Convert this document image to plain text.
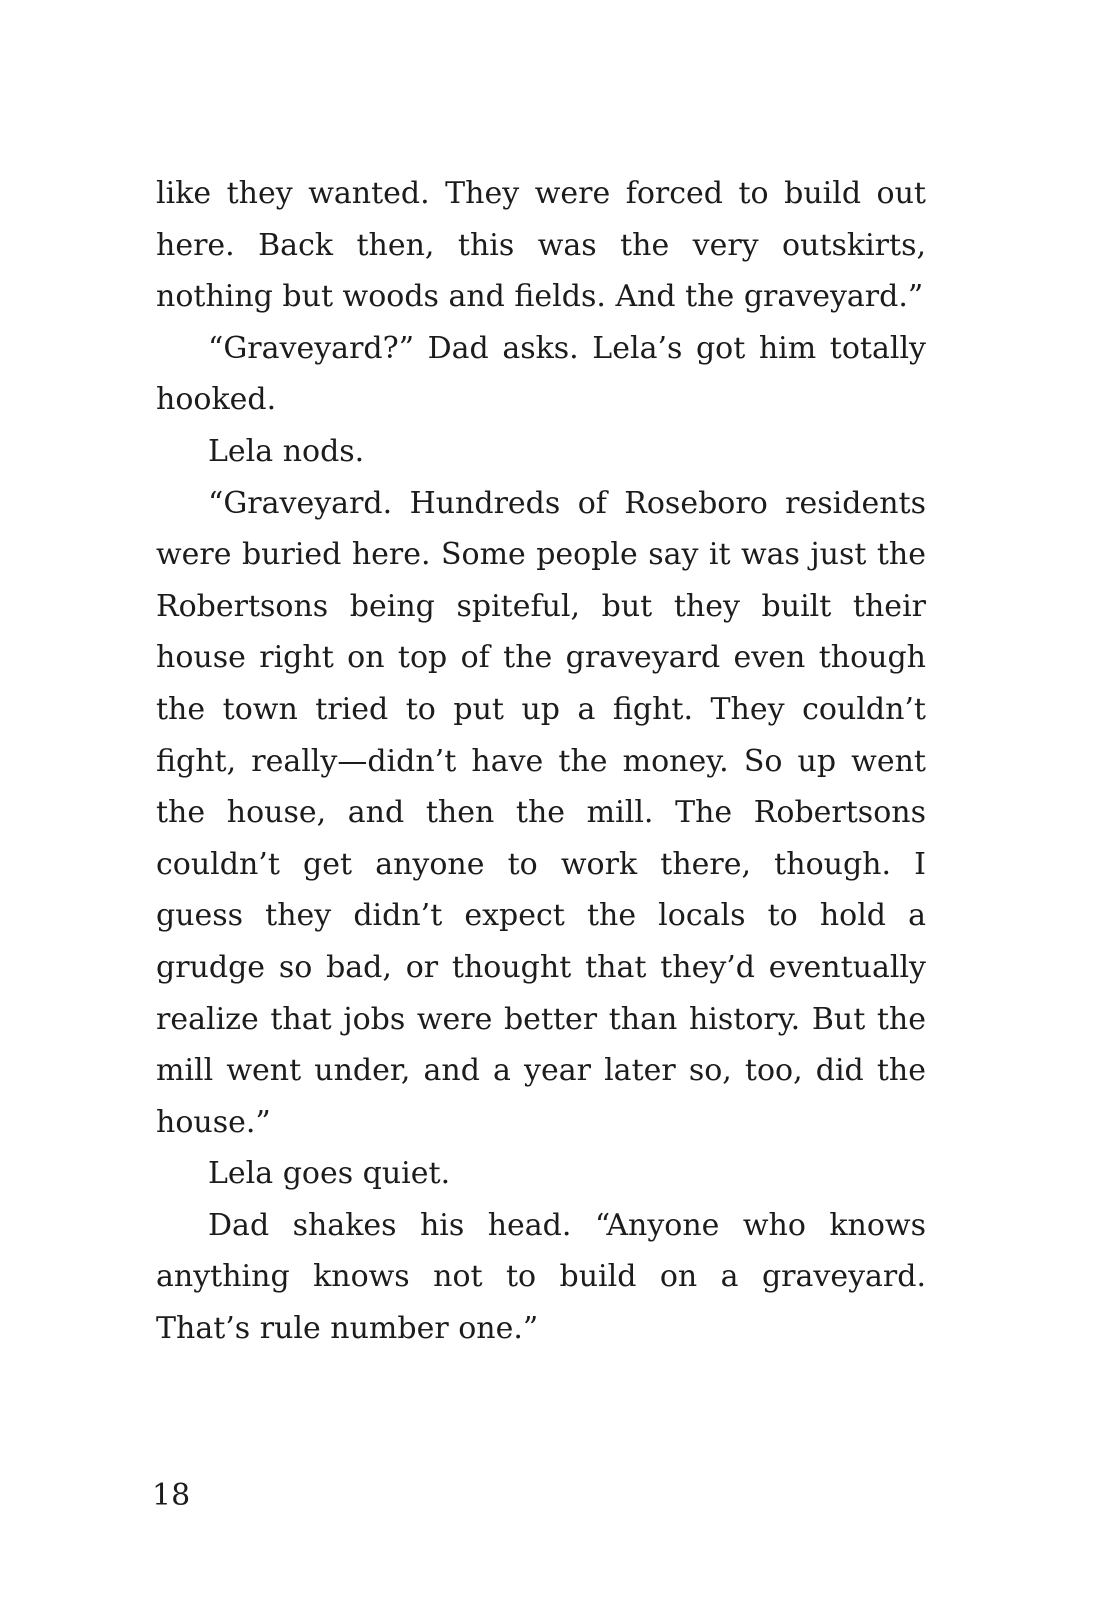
like they wanted. They were forced to build out here. Back then, this was the very outskirts, nothing but woods and fields. And the graveyard.”

“Graveyard?” Dad asks. Lela’s got him totally hooked.

Lela nods.

“Graveyard. Hundreds of Roseboro residents were buried here. Some people say it was just the Robertsons being spiteful, but they built their house right on top of the graveyard even though the town tried to put up a fight. They couldn’t fight, really—didn’t have the money. So up went the house, and then the mill. The Robertsons couldn’t get anyone to work there, though. I guess they didn’t expect the locals to hold a grudge so bad, or thought that they’d eventually realize that jobs were better than history. But the mill went under, and a year later so, too, did the house.”

Lela goes quiet.

Dad shakes his head. “Anyone who knows anything knows not to build on a graveyard. That’s rule number one.”

18
